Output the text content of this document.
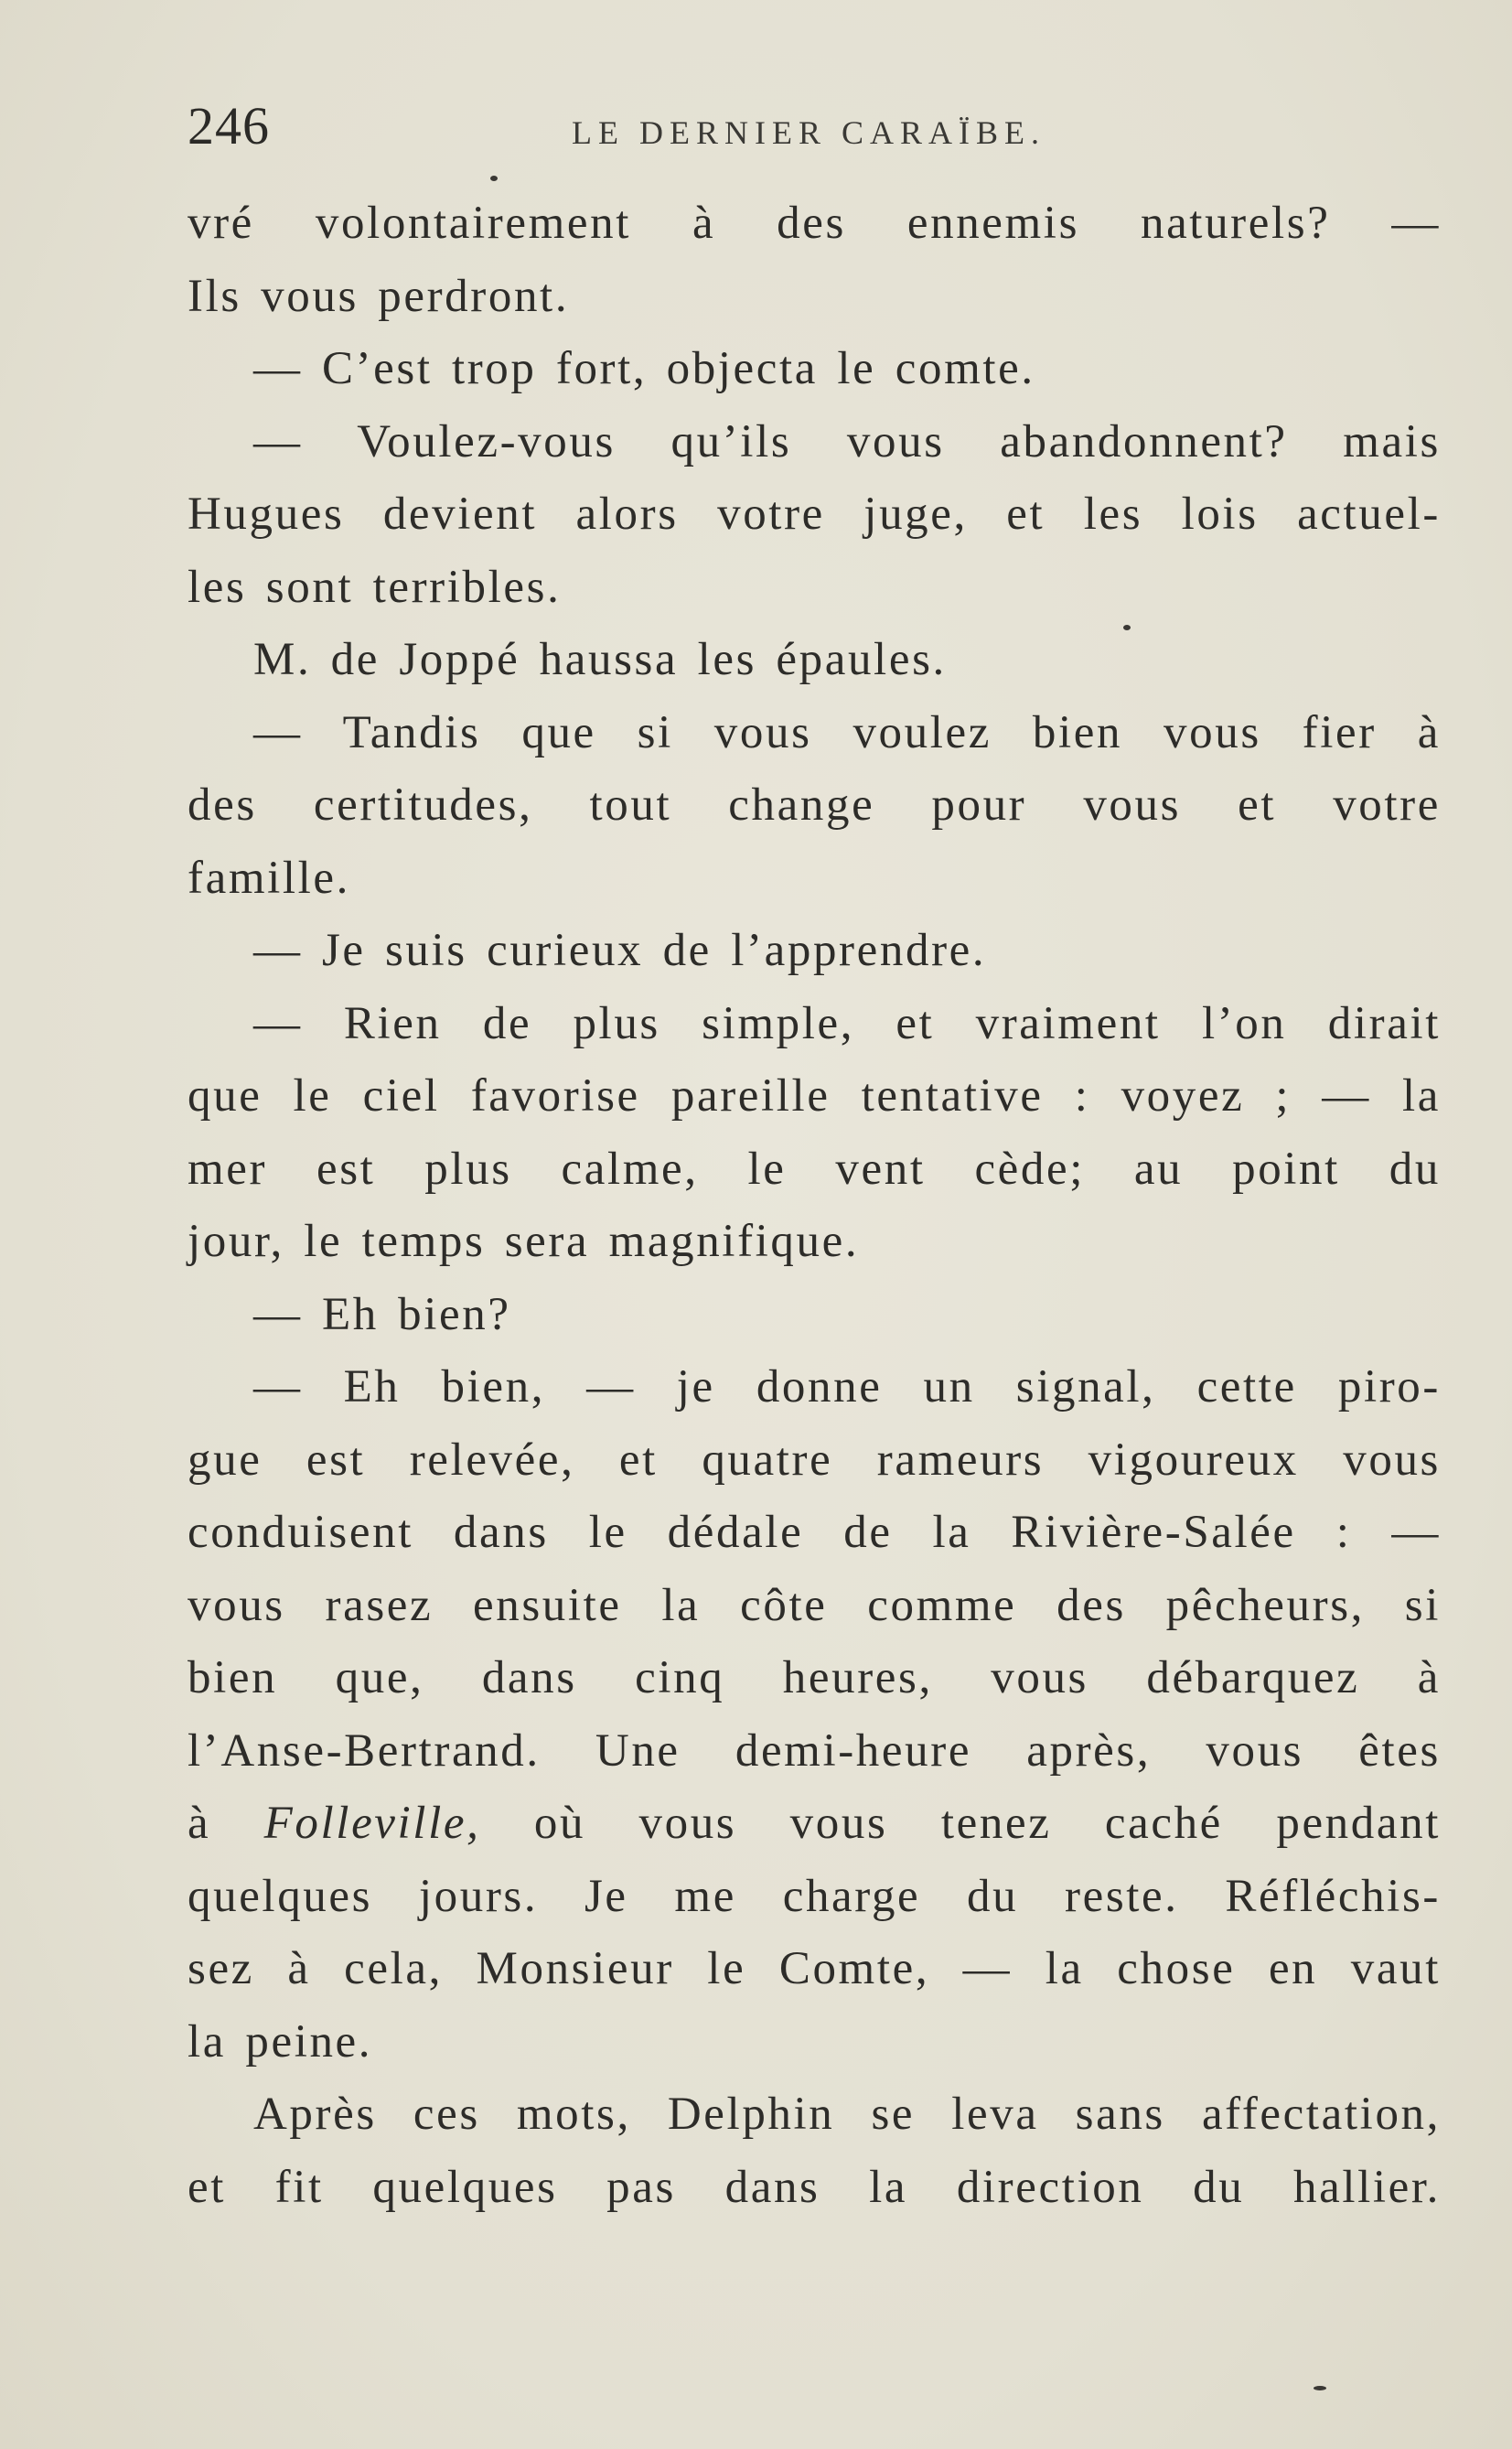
246	LE DERNIER CARAÏBE.
vré volontairement à des ennemis naturels? —
Ils vous perdront.
— C’est trop fort, objecta le comte.
— Voulez-vous qu’ils vous abandonnent? mais
Hugues devient alors votre juge, et les lois actuel-
les sont terribles.
M. de Joppé haussa les épaules.
— Tandis que si vous voulez bien vous fier à
des certitudes, tout change pour vous et votre
famille.
— Je suis curieux de l’apprendre.
— Rien de plus simple, et vraiment l’on dirait
que le ciel favorise pareille tentative : voyez ; — la
mer est plus calme, le vent cède; au point du
jour, le temps sera magnifique.
— Eh bien?
— Eh bien, — je donne un signal, cette piro-
gue est relevée, et quatre rameurs vigoureux vous
conduisent dans le dédale de la Rivière-Salée : —
vous rasez ensuite la côte comme des pêcheurs, si
bien que, dans cinq heures, vous débarquez à
l’Anse-Bertrand. Une demi-heure après, vous êtes
à Folleville, où vous vous tenez caché pendant
quelques jours. Je me charge du reste. Réfléchis-
sez à cela, Monsieur le Comte, — la chose en vaut
la peine.
Après ces mots, Delphin se leva sans affectation,
et fit quelques pas dans la direction du hallier.
